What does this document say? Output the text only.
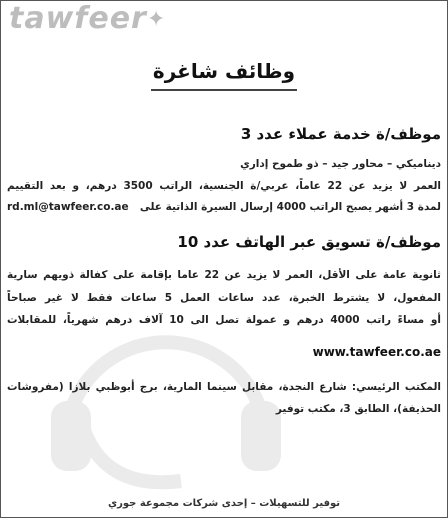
tawfeer✦
وظائف شاغرة
موظف/ة خدمة عملاء عدد 3
ديناميكي – محاور جيد – ذو طموح إداري
العمر لا يزيد عن 22 عاماً، عربي/ة الجنسية، الراتب 3500 درهم، و بعد التقييم
لمدة 3 أشهر يصبح الراتب 4000 إرسال السيرة الذاتية على
rd.ml@tawfeer.co.ae
موظف/ة تسويق عبر الهاتف عدد 10
ثانوية عامة على الأقل، العمر لا يزيد عن 22 عاما بإقامة على كفالة ذويهم سارية
المفعول، لا يشترط الخبرة، عدد ساعات العمل 5 ساعات فقط لا غير صباحاً
أو مساءً راتب 4000 درهم و عمولة تصل الى 10 آلاف درهم شهرياً، للمقابلات
www.tawfeer.co.ae
المكتب الرئيسي: شارع النجدة، مقابل سينما المارية، برج أبوظبي بلازا (مفروشات
الحذيفة)، الطابق 3، مكتب توفير
توفير للتسهيلات – إحدى شركات مجموعة جوري
